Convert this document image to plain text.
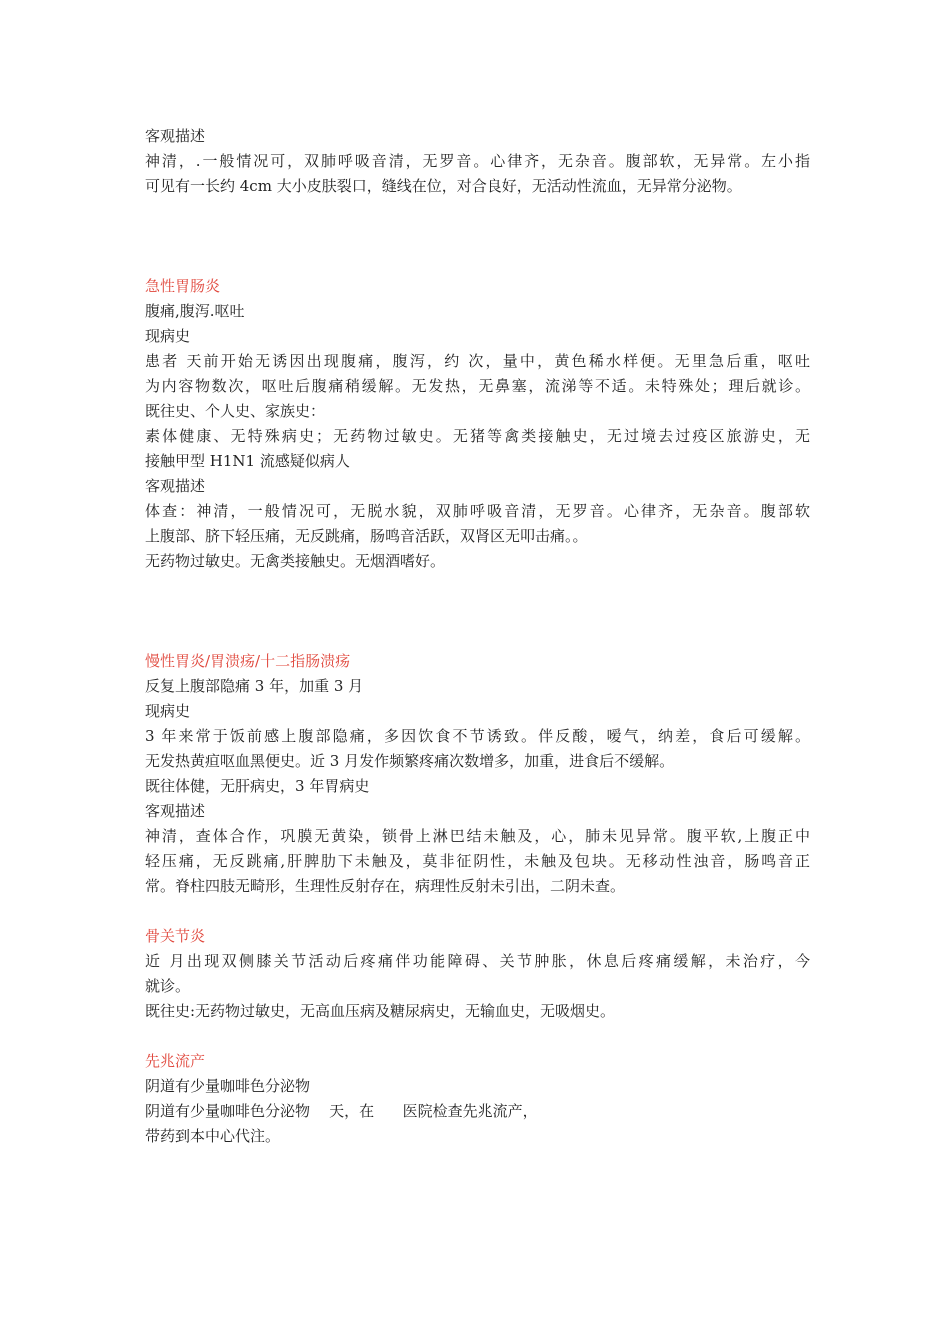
客观描述

神清，.一般情况可，双肺呼吸音清，无罗音。心律齐，无杂音。腹部软，无异常。左小指

可见有一长约 4cm 大小皮肤裂口，缝线在位，对合良好，无活动性流血，无异常分泌物。

急性胃肠炎

腹痛,腹泻.呕吐

现病史

患者 天前开始无诱因出现腹痛，腹泻，约 次，量中，黄色稀水样便。无里急后重，呕吐

为内容物数次，呕吐后腹痛稍缓解。无发热，无鼻塞，流涕等不适。未特殊处；理后就诊。

既往史、个人史、家族史：

素体健康、无特殊病史；无药物过敏史。无猪等禽类接触史，无过境去过疫区旅游史，无

接触甲型 H1N1 流感疑似病人

客观描述

体查：神清，一般情况可，无脱水貌，双肺呼吸音清，无罗音。心律齐，无杂音。腹部软

上腹部、脐下轻压痛，无反跳痛，肠鸣音活跃，双肾区无叩击痛。。

无药物过敏史。无禽类接触史。无烟酒嗜好。

慢性胃炎/胃溃疡/十二指肠溃疡

反复上腹部隐痛 3 年，加重 3 月

现病史

3 年来常于饭前感上腹部隐痛，多因饮食不节诱致。伴反酸，嗳气，纳差，食后可缓解。

无发热黄疸呕血黑便史。近 3 月发作频繁疼痛次数增多，加重，进食后不缓解。

既往体健，无肝病史，3 年胃病史

客观描述

神清，查体合作，巩膜无黄染，锁骨上淋巴结未触及，心，肺未见异常。腹平软,上腹正中

轻压痛，无反跳痛,肝脾肋下未触及，莫非征阴性，未触及包块。无移动性浊音，肠鸣音正

常。脊柱四肢无畸形，生理性反射存在，病理性反射未引出，二阴未查。

骨关节炎

近 月出现双侧膝关节活动后疼痛伴功能障碍、关节肿胀，休息后疼痛缓解，未治疗，今

就诊。

既往史:无药物过敏史，无高血压病及糖尿病史，无输血史，无吸烟史。

先兆流产

阴道有少量咖啡色分泌物

阴道有少量咖啡色分泌物    天，在      医院检查先兆流产，

带药到本中心代注。
